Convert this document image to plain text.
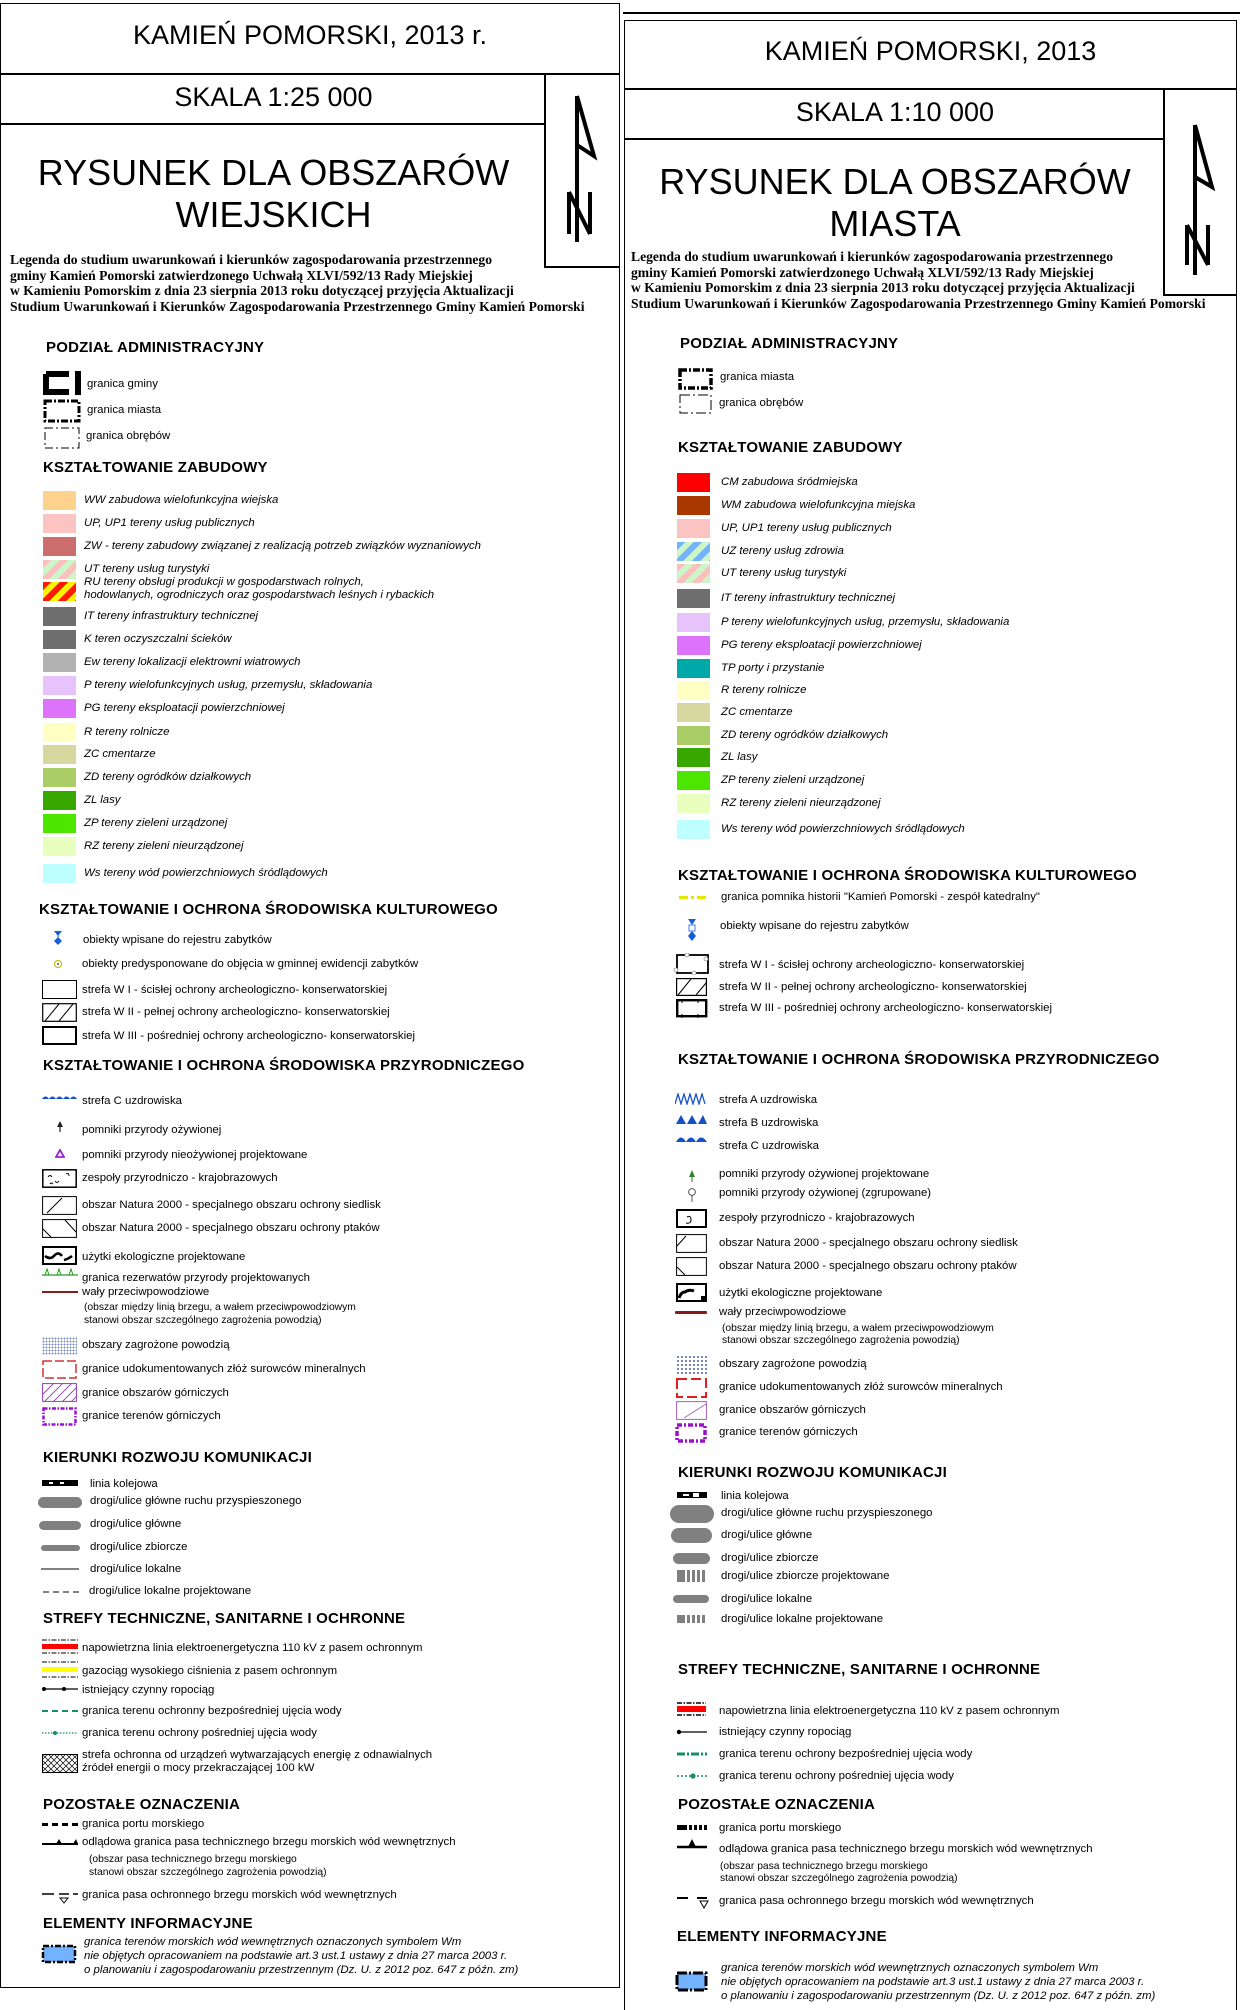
KAMIEŃ POMORSKI, 2013 r.
SKALA 1:25 000
RYSUNEK DLA OBSZARÓW
WIEJSKICH
N
Legenda do studium uwarunkowań i kierunków zagospodarowania przestrzennego
gminy Kamień Pomorski zatwierdzonego Uchwałą XLVI/592/13 Rady Miejskiej
w Kamieniu Pomorskim z dnia 23 sierpnia 2013 roku dotyczącej przyjęcia Aktualizacji
Studium Uwarunkowań i Kierunków Zagospodarowania Przestrzennego Gminy Kamień Pomorski
PODZIAŁ ADMINISTRACYJNY
granica gminy
granica miasta
granica obrębów
KSZTAŁTOWANIE ZABUDOWY
WW zabudowa wielofunkcyjna wiejska
UP, UP1 tereny usług publicznych
ZW - tereny zabudowy związanej z realizacją potrzeb związków wyznaniowych
UT tereny usług turystyki
RU tereny obsługi produkcji w gospodarstwach rolnych,
hodowlanych, ogrodniczych oraz gospodarstwach leśnych i rybackich
IT tereny infrastruktury technicznej
K teren oczyszczalni ścieków
Ew tereny lokalizacji elektrowni wiatrowych
P tereny wielofunkcyjnych usług, przemysłu, składowania
PG tereny eksploatacji powierzchniowej
R tereny rolnicze
ZC cmentarze
ZD tereny ogródków działkowych
ZL lasy
ZP tereny zieleni urządzonej
RZ tereny zieleni nieurządzonej
Ws tereny wód powierzchniowych śródlądowych
KSZTAŁTOWANIE I OCHRONA ŚRODOWISKA KULTUROWEGO
obiekty wpisane do rejestru zabytków
obiekty predysponowane do objęcia w gminnej ewidencji zabytków
strefa W I - ścisłej ochrony archeologiczno- konserwatorskiej
strefa W II - pełnej ochrony archeologiczno- konserwatorskiej
strefa W III - pośredniej ochrony archeologiczno- konserwatorskiej
KSZTAŁTOWANIE I OCHRONA ŚRODOWISKA PRZYRODNICZEGO
strefa C uzdrowiska
pomniki przyrody ożywionej
pomniki przyrody nieożywionej projektowane
zespoły przyrodniczo - krajobrazowych
obszar Natura 2000 - specjalnego obszaru ochrony siedlisk
obszar Natura 2000 - specjalnego obszaru ochrony ptaków
użytki ekologiczne projektowane
granica rezerwatów przyrody projektowanych
wały przeciwpowodziowe
(obszar między linią brzegu, a wałem przeciwpowodziowym
stanowi obszar szczególnego zagrożenia powodzią)
obszary zagrożone powodzią
granice udokumentowanych złóż surowców mineralnych
granice obszarów górniczych
granice terenów górniczych
KIERUNKI ROZWOJU KOMUNIKACJI
linia kolejowa
drogi/ulice główne ruchu przyspieszonego
drogi/ulice główne
drogi/ulice zbiorcze
drogi/ulice lokalne
drogi/ulice lokalne projektowane
STREFY TECHNICZNE, SANITARNE I OCHRONNE
napowietrzna linia elektroenergetyczna 110 kV z pasem ochronnym
gazociąg wysokiego ciśnienia z pasem ochronnym
istniejący czynny ropociąg
granica terenu ochronny bezpośredniej ujęcia wody
granica terenu ochrony pośredniej ujęcia wody
strefa ochronna od urządzeń wytwarzających energię z odnawialnych
źródeł energii o mocy przekraczającej 100 kW
POZOSTAŁE OZNACZENIA
granica portu morskiego
odlądowa granica pasa technicznego brzegu morskich wód wewnętrznych
(obszar pasa technicznego brzegu morskiego
stanowi obszar szczególnego zagrożenia powodzią)
granica pasa ochronnego brzegu morskich wód wewnętrznych
ELEMENTY INFORMACYJNE
granica terenów morskich wód wewnętrznych oznaczonych symbolem Wm
nie objętych opracowaniem na podstawie art.3 ust.1 ustawy z dnia 27 marca 2003 r.
o planowaniu i zagospodarowaniu przestrzennym (Dz. U. z 2012 poz. 647 z późn. zm)
KAMIEŃ POMORSKI, 2013
SKALA 1:10 000
RYSUNEK DLA OBSZARÓW
MIASTA
N
Legenda do studium uwarunkowań i kierunków zagospodarowania przestrzennego
gminy Kamień Pomorski zatwierdzonego Uchwałą XLVI/592/13 Rady Miejskiej
w Kamieniu Pomorskim z dnia 23 sierpnia 2013 roku dotyczącej przyjęcia Aktualizacji
Studium Uwarunkowań i Kierunków Zagospodarowania Przestrzennego Gminy Kamień Pomorski
PODZIAŁ ADMINISTRACYJNY
granica miasta
granica obrębów
KSZTAŁTOWANIE ZABUDOWY
CM zabudowa śródmiejska
WM zabudowa wielofunkcyjna miejska
UP, UP1 tereny usług publicznych
UZ tereny usług zdrowia
UT tereny usług turystyki
IT tereny infrastruktury technicznej
P tereny wielofunkcyjnych usług, przemysłu, składowania
PG tereny eksploatacji powierzchniowej
TP porty i przystanie
R tereny rolnicze
ZC cmentarze
ZD tereny ogródków działkowych
ZL lasy
ZP tereny zieleni urządzonej
RZ tereny zieleni nieurządzonej
Ws tereny wód powierzchniowych śródlądowych
KSZTAŁTOWANIE I OCHRONA ŚRODOWISKA KULTUROWEGO
granica pomnika historii "Kamień Pomorski - zespół katedralny"
obiekty wpisane do rejestru zabytków
strefa W I - ścisłej ochrony archeologiczno- konserwatorskiej
strefa W II - pełnej ochrony archeologiczno- konserwatorskiej
strefa W III - pośredniej ochrony archeologiczno- konserwatorskiej
KSZTAŁTOWANIE I OCHRONA ŚRODOWISKA PRZYRODNICZEGO
strefa A uzdrowiska
strefa B uzdrowiska
strefa C uzdrowiska
pomniki przyrody ożywionej projektowane
pomniki przyrody ożywionej (zgrupowane)
zespoły przyrodniczo - krajobrazowych
obszar Natura 2000 - specjalnego obszaru ochrony siedlisk
obszar Natura 2000 - specjalnego obszaru ochrony ptaków
użytki ekologiczne projektowane
wały przeciwpowodziowe
(obszar między linią brzegu, a wałem przeciwpowodziowym
stanowi obszar szczególnego zagrożenia powodzią)
obszary zagrożone powodzią
granice udokumentowanych złóż surowców mineralnych
granice obszarów górniczych
granice terenów górniczych
KIERUNKI ROZWOJU KOMUNIKACJI
linia kolejowa
drogi/ulice główne ruchu przyspieszonego
drogi/ulice główne
drogi/ulice zbiorcze
drogi/ulice zbiorcze projektowane
drogi/ulice lokalne
drogi/ulice lokalne projektowane
STREFY TECHNICZNE, SANITARNE I OCHRONNE
napowietrzna linia elektroenergetyczna 110 kV z pasem ochronnym
istniejący czynny ropociąg
granica terenu ochrony bezpośredniej ujęcia wody
granica terenu ochrony pośredniej ujęcia wody
POZOSTAŁE OZNACZENIA
granica portu morskiego
odlądowa granica pasa technicznego brzegu morskich wód wewnętrznych
(obszar pasa technicznego brzegu morskiego
stanowi obszar szczególnego zagrożenia powodzią)
granica pasa ochronnego brzegu morskich wód wewnętrznych
ELEMENTY INFORMACYJNE
granica terenów morskich wód wewnętrznych oznaczonych symbolem Wm
nie objętych opracowaniem na podstawie art.3 ust.1 ustawy z dnia 27 marca 2003 r.
o planowaniu i zagospodarowaniu przestrzennym (Dz. U. z 2012 poz. 647 z późn. zm)
